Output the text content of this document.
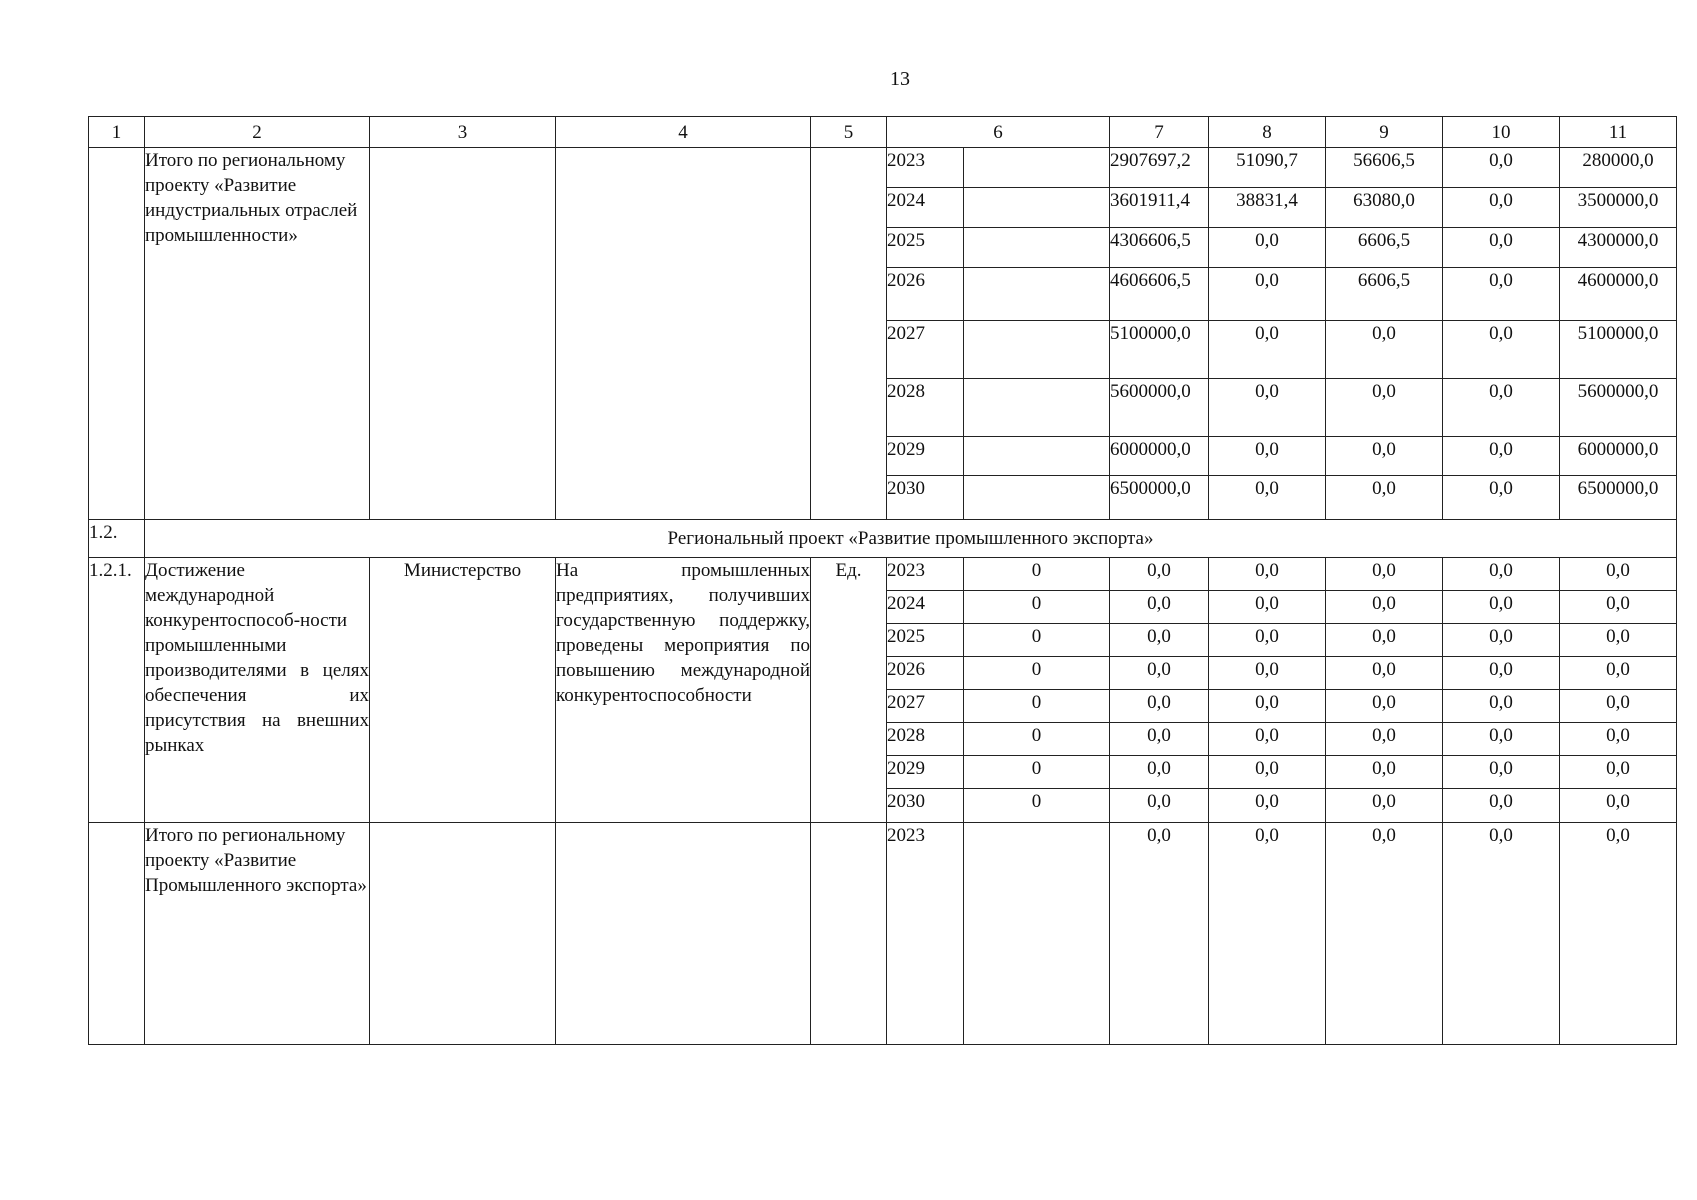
13
1	2	3	4	5	6		7	8	9	10	11
	Итого по региональному проекту «Развитие индустриальных отраслей промышленности»				2023		2907697,2	51090,7	56606,5	0,0	280000,0
					2024		3601911,4	38831,4	63080,0	0,0	3500000,0
					2025		4306606,5	0,0	6606,5	0,0	4300000,0
					2026		4606606,5	0,0	6606,5	0,0	4600000,0
					2027		5100000,0	0,0	0,0	0,0	5100000,0
					2028		5600000,0	0,0	0,0	0,0	5600000,0
					2029		6000000,0	0,0	0,0	0,0	6000000,0
					2030		6500000,0	0,0	0,0	0,0	6500000,0
1.2.	Региональный проект «Развитие промышленного экспорта»										
1.2.1.	Достижение международной конкурентоспособ-ности промышленными производителями в целях обеспечения их присутствия на внешних рынках	Министерство	На промышленных предприятиях, получивших государственную поддержку, проведены мероприятия по повышению международной конкурентоспособности	Ед.	2023	0	0,0	0,0	0,0	0,0	0,0
					2024	0	0,0	0,0	0,0	0,0	0,0
					2025	0	0,0	0,0	0,0	0,0	0,0
					2026	0	0,0	0,0	0,0	0,0	0,0
					2027	0	0,0	0,0	0,0	0,0	0,0
					2028	0	0,0	0,0	0,0	0,0	0,0
					2029	0	0,0	0,0	0,0	0,0	0,0
					2030	0	0,0	0,0	0,0	0,0	0,0
	Итого по региональному проекту «Развитие Промышленного экспорта»				2023		0,0	0,0	0,0	0,0	0,0
